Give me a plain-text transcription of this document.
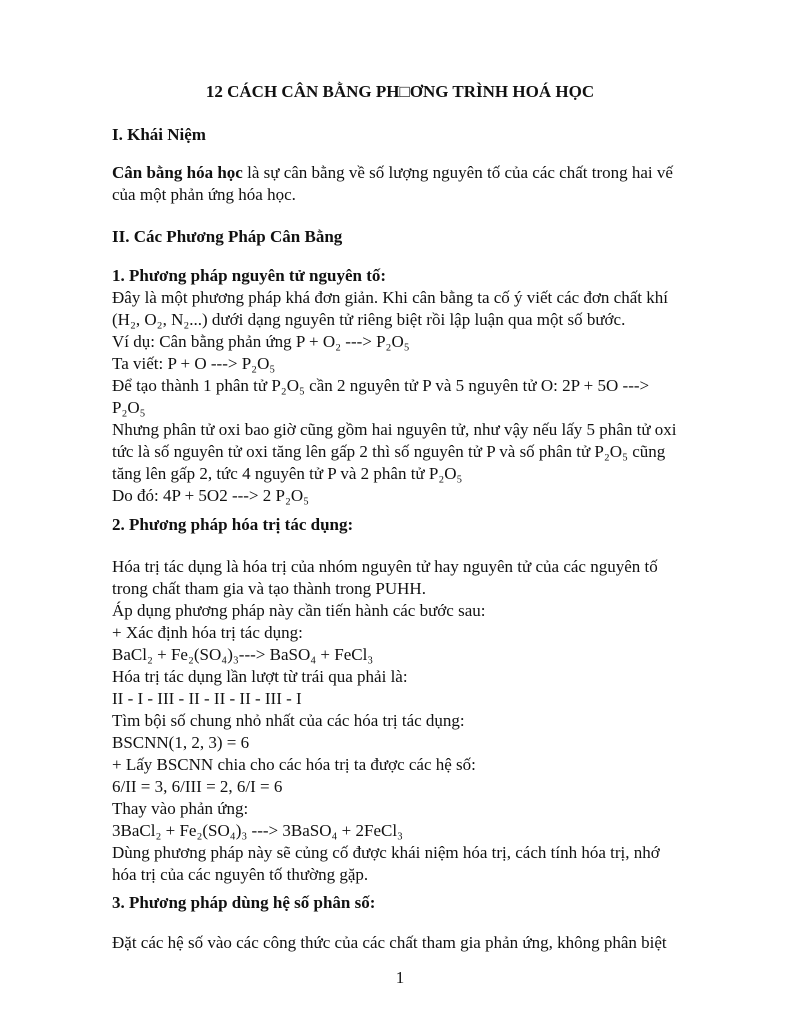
12 CÁCH CÂN BẰNG PH□ƠNG TRÌNH HOÁ HỌC
I. Khái Niệm
Cân bằng hóa học là sự cân bằng về số lượng nguyên tố của các chất trong hai vế
của một phản ứng hóa học.
II. Các Phương Pháp Cân Bằng
1. Phương pháp nguyên tử nguyên tố:
Đây là một phương pháp khá đơn giản. Khi cân bằng ta cố ý viết các đơn chất khí
(H₂, O₂, N₂...) dưới dạng nguyên tử riêng biệt rồi lập luận qua một số bước.
Ví dụ: Cân bằng phản ứng P + O₂ ---> P₂O₅
Ta viết: P + O ---> P₂O₅
Để tạo thành 1 phân tử P₂O₅ cần 2 nguyên tử P và 5 nguyên tử O: 2P + 5O --->
P₂O₅
Nhưng phân tử oxi bao giờ cũng gồm hai nguyên tử, như vậy nếu lấy 5 phân tử oxi
tức là số nguyên tử oxi tăng lên gấp 2 thì số nguyên tử P và số phân tử P₂O₅ cũng
tăng lên gấp 2, tức 4 nguyên tử P và 2 phân tử P₂O₅
Do đó: 4P + 5O2 ---> 2 P₂O₅
2. Phương pháp hóa trị tác dụng:
Hóa trị tác dụng là hóa trị của nhóm nguyên tử hay nguyên tử của các nguyên tố
trong chất tham gia và tạo thành trong PUHH.
Áp dụng phương pháp này cần tiến hành các bước sau:
+ Xác định hóa trị tác dụng:
BaCl₂ + Fe₂(SO₄)₃---> BaSO₄ + FeCl₃
Hóa trị tác dụng lần lượt từ trái qua phải là:
II - I - III - II - II - II - III - I
Tìm bội số chung nhỏ nhất của các hóa trị tác dụng:
BSCNN(1, 2, 3) = 6
+ Lấy BSCNN chia cho các hóa trị ta được các hệ số:
6/II = 3, 6/III = 2, 6/I = 6
Thay vào phản ứng:
3BaCl₂ + Fe₂(SO₄)₃ ---> 3BaSO₄ + 2FeCl₃
Dùng phương pháp này sẽ củng cố được khái niệm hóa trị, cách tính hóa trị, nhớ
hóa trị của các nguyên tố thường gặp.
3. Phương pháp dùng hệ số phân số:
Đặt các hệ số vào các công thức của các chất tham gia phản ứng, không phân biệt
1
